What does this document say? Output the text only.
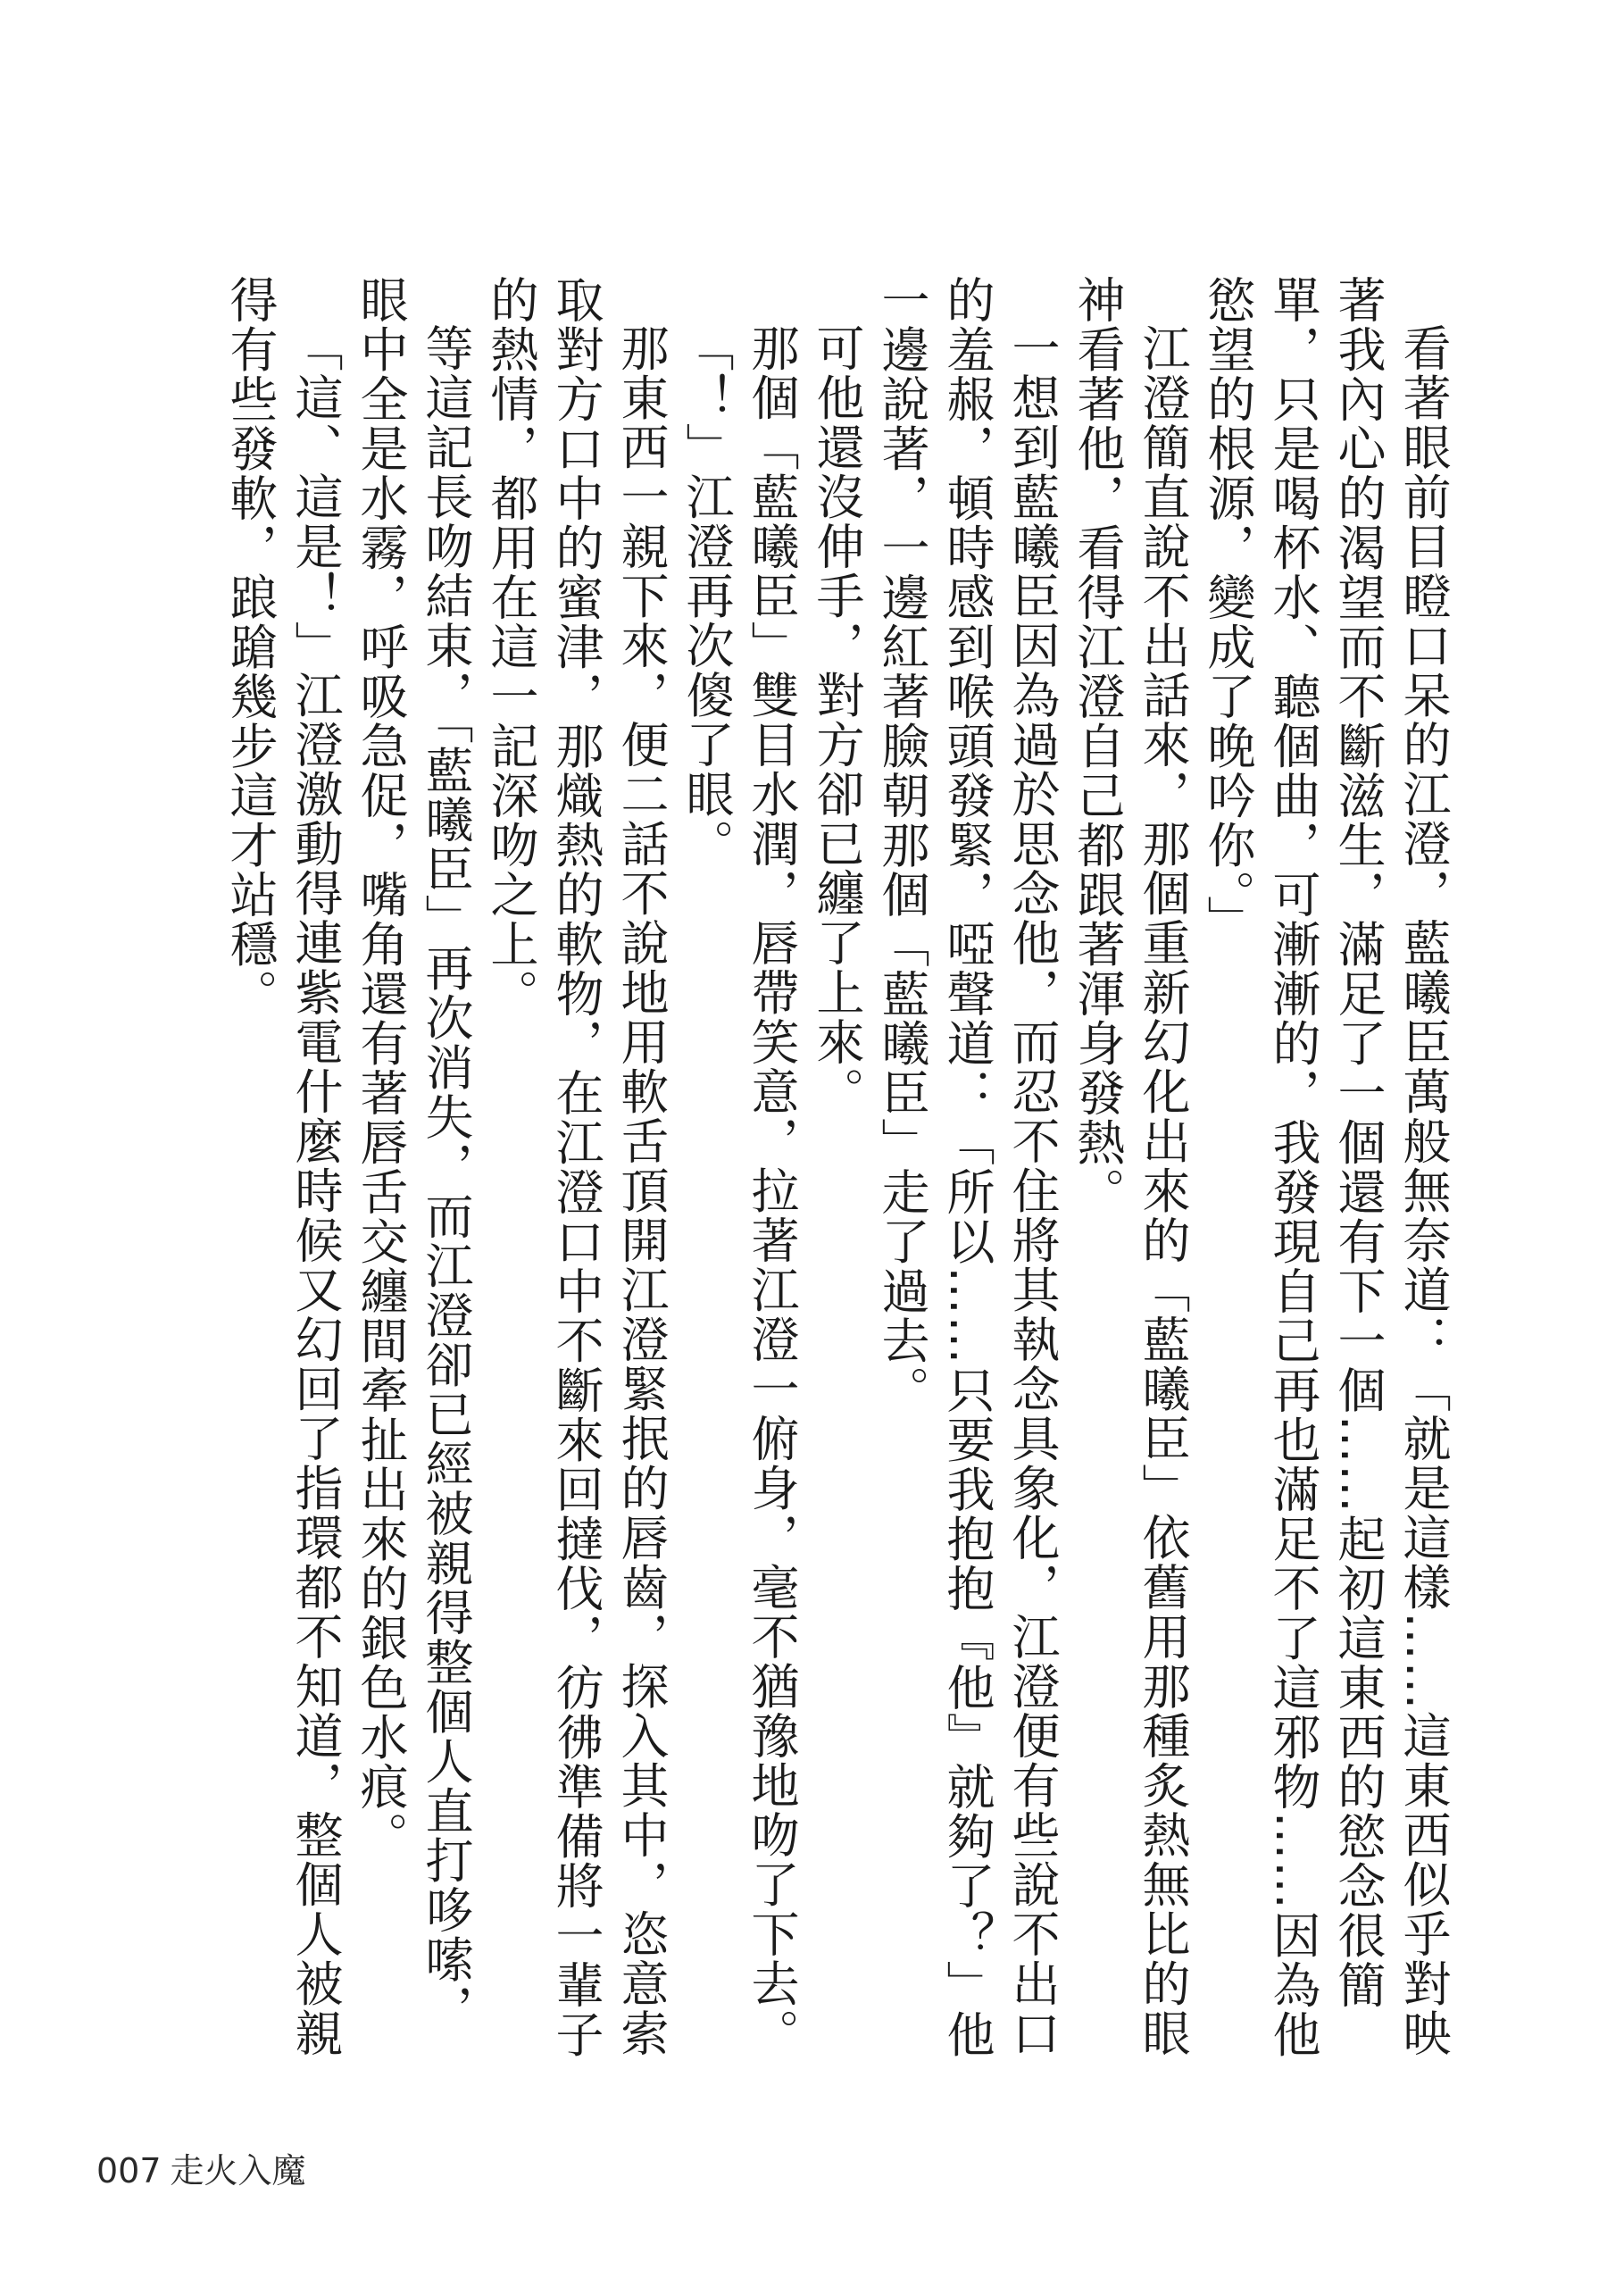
看著眼前目瞪口呆的江澄，藍曦臣萬般無奈道：「就是這樣……這東西似乎對映著我內心的渴望而不斷滋生，滿足了一個還有下一個……起初這東西的慾念很簡單，只是喝杯水、聽個曲，可漸漸的，我發現自己再也滿足不了這邪物……因為他慾望的根源，變成了晚吟你。」

江澄簡直說不出話來，那個重新幻化出來的「藍曦臣」依舊用那種炙熱無比的眼神看著他，看得江澄自己都跟著渾身發熱。

一想到藍曦臣因為過於思念他，而忍不住將其執念具象化，江澄便有些說不出口的羞赧，頓時感到喉頭發緊，啞聲道：「所以……只要我抱抱『他』就夠了？」他一邊說著，一邊紅著臉朝那個「藍曦臣」走了過去。

可他還沒伸手，對方卻已纏了上來。

那個「藍曦臣」雙目水潤，唇帶笑意，拉著江澄一俯身，毫不猶豫地吻了下去。

「！」江澄再次傻了眼。

那東西一親下來，便二話不說地用軟舌頂開江澄緊抿的唇齒，探入其中，恣意索取對方口中的蜜津，那熾熱的軟物，在江澄口中不斷來回撻伐，彷彿準備將一輩子的熱情，都用在這一記深吻之上。

等這記長吻結束，「藍曦臣」再次消失，而江澄卻已經被親得整個人直打哆嗦，眼中全是水霧，呼吸急促，嘴角還有著唇舌交纏間牽扯出來的銀色水痕。

「這、這是！」江澄激動得連紫電什麼時候又幻回了指環都不知道，整個人被親得有些發軟，踉蹌幾步這才站穩。

007 走火入魔
